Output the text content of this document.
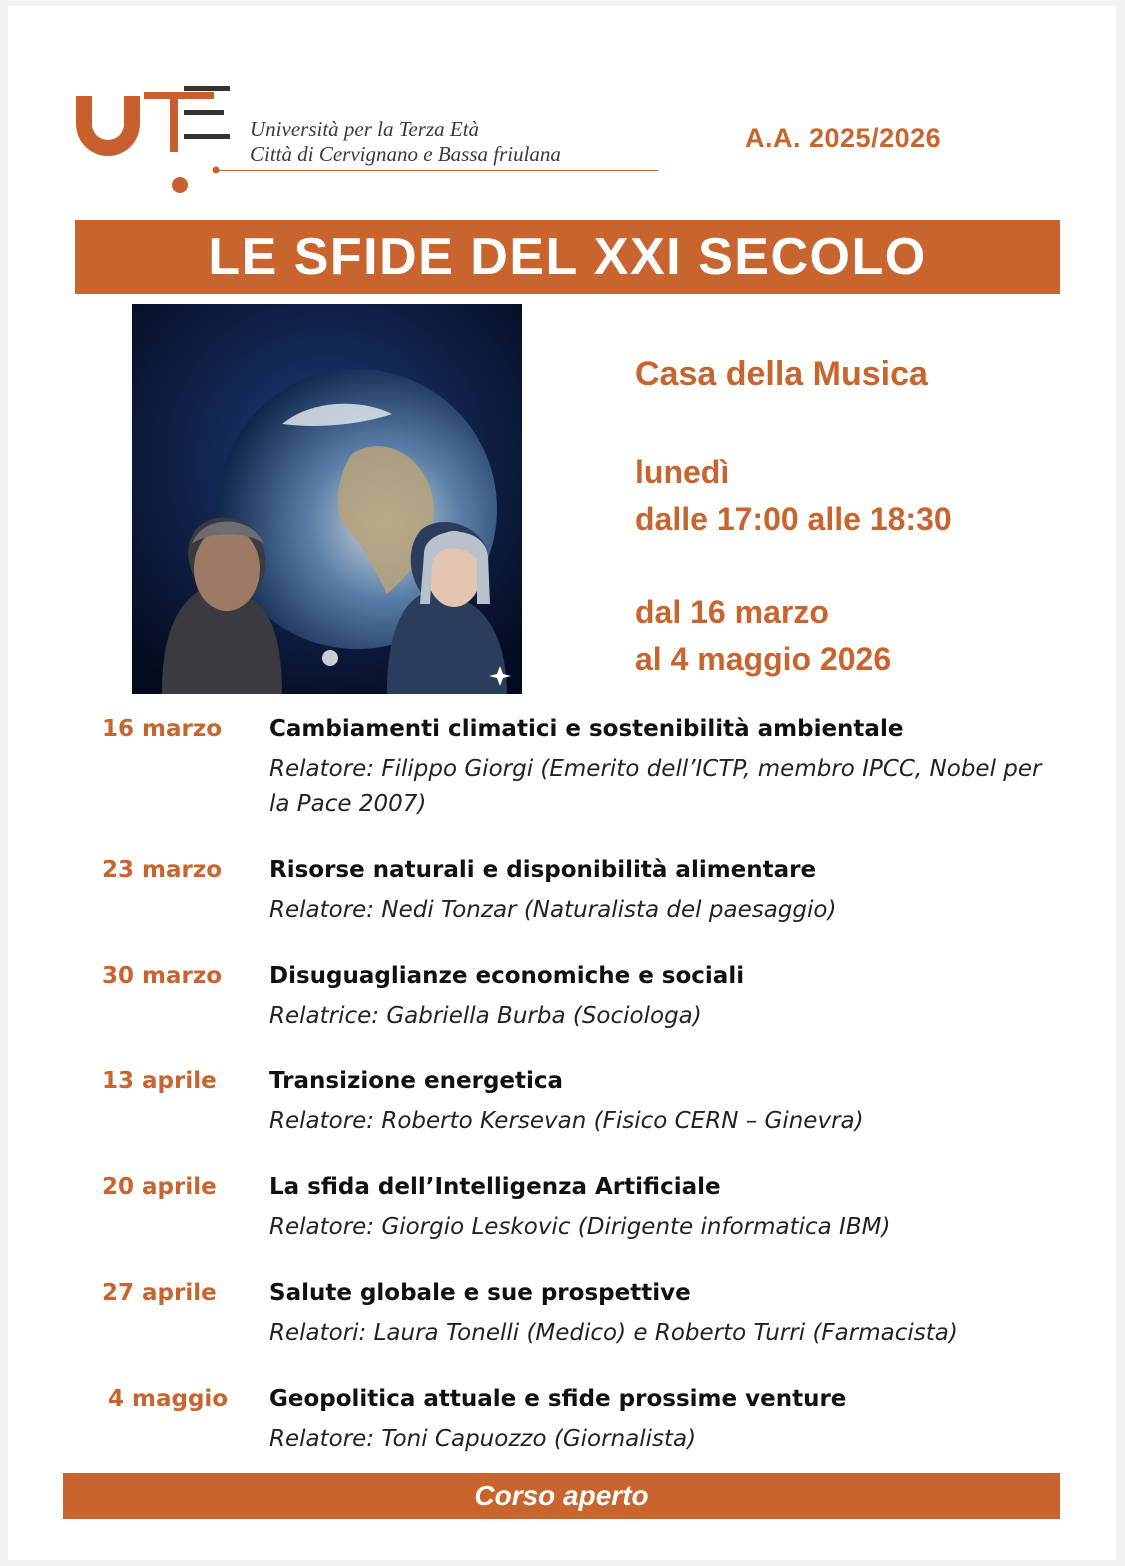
Università per la Terza Età
Città di Cervignano e Bassa friulana
A.A. 2025/2026
LE SFIDE DEL XXI SECOLO
Casa della Musica
lunedì
dalle 17:00 alle 18:30
dal 16 marzo
al 4 maggio 2026
16 marzo Cambiamenti climatici e sostenibilità ambientale
Relatore: Filippo Giorgi (Emerito dell’ICTP, membro IPCC, Nobel per la Pace 2007)
23 marzo Risorse naturali e disponibilità alimentare
Relatore: Nedi Tonzar (Naturalista del paesaggio)
30 marzo Disuguaglianze economiche e sociali
Relatrice: Gabriella Burba (Sociologa)
13 aprile Transizione energetica
Relatore: Roberto Kersevan (Fisico CERN – Ginevra)
20 aprile La sfida dell’Intelligenza Artificiale
Relatore: Giorgio Leskovic (Dirigente informatica IBM)
27 aprile Salute globale e sue prospettive
Relatori: Laura Tonelli (Medico) e Roberto Turri (Farmacista)
4 maggio Geopolitica attuale e sfide prossime venture
Relatore: Toni Capuozzo (Giornalista)
Corso aperto
